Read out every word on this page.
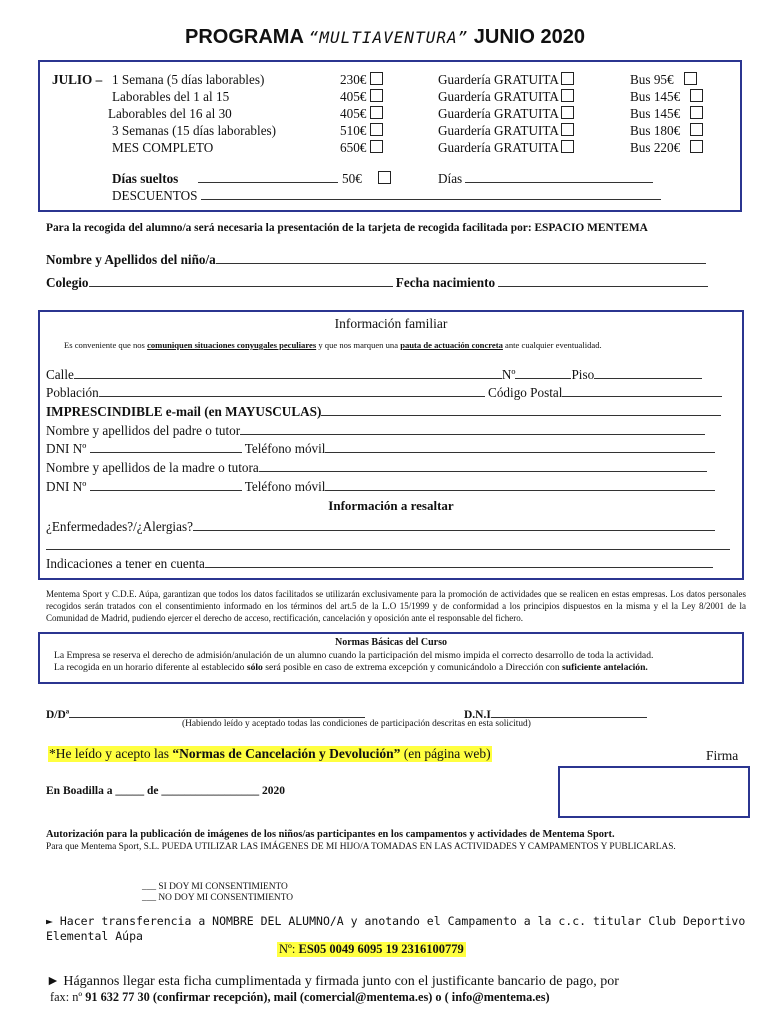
PROGRAMA “MULTIAVENTURA” JUNIO 2020
JULIO – 1 Semana (5 días laborables)	230€	Guardería GRATUITA	Bus 95€
Laborables del 1 al 15	405€	Guardería GRATUITA	Bus 145€
Laborables del 16 al 30	405€	Guardería GRATUITA	Bus 145€
3 Semanas (15 días laborables)	510€	Guardería GRATUITA	Bus 180€
MES COMPLETO	650€	Guardería GRATUITA	Bus 220€
Días sueltos	50€	Días
DESCUENTOS
Para la recogida del alumno/a será necesaria la presentación de la tarjeta de recogida facilitada por: ESPACIO MENTEMA
Nombre y Apellidos del niño/a
Colegio	Fecha nacimiento
Información familiar
Es conveniente que nos comuniquen situaciones conyugales peculiares y que nos marquen una pauta de actuación concreta ante cualquier eventualidad.
Calle	Nº	Piso
Población	Código Postal
IMPRESCINDIBLE e-mail (en MAYUSCULAS)
Nombre y apellidos del padre o tutor
DNI Nº	Teléfono móvil
Nombre y apellidos de la madre o tutora
DNI Nº	Teléfono móvil
Información a resaltar
¿Enfermedades?/¿Alergias?
Indicaciones a tener en cuenta
Mentema Sport y C.D.E. Aúpa, garantizan que todos los datos facilitados se utilizarán exclusivamente para la promoción de actividades que se realicen en estas empresas. Los datos personales recogidos serán tratados con el consentimiento informado en los términos del art.5 de la L.O 15/1999 y de conformidad a los principios dispuestos en la misma y el la Ley 8/2001 de la Comunidad de Madrid, pudiendo ejercer el derecho de acceso, rectificación, cancelación y oposición ante el responsable del fichero.
Normas Básicas del Curso
La Empresa se reserva el derecho de admisión/anulación de un alumno cuando la participación del mismo impida el correcto desarrollo de toda la actividad.
La recogida en un horario diferente al establecido sólo será posible en caso de extrema excepción y comunicándolo a Dirección con suficiente antelación.
D/Dª	D.N.I
(Habiendo leído y aceptado todas las condiciones de participación descritas en esta solicitud)
*He leído y acepto las “Normas de Cancelación y Devolución” (en página web)	Firma
En Boadilla a _____ de _________________ 2020
Autorización para la publicación de imágenes de los niños/as participantes en los campamentos y actividades de Mentema Sport.
Para que Mentema Sport, S.L. PUEDA UTILIZAR LAS IMÁGENES DE MI HIJO/A TOMADAS EN LAS ACTIVIDADES Y CAMPAMENTOS Y PUBLICARLAS.
___ SI DOY MI CONSENTIMIENTO
___ NO DOY MI CONSENTIMIENTO
► Hacer transferencia a NOMBRE DEL ALUMNO/A y anotando el Campamento a la c.c. titular Club Deportivo Elemental Aúpa
Nº: ES05 0049 6095 19 2316100779
► Hágannos llegar esta ficha cumplimentada y firmada junto con el justificante bancario de pago, por
fax: nº 91 632 77 30 (confirmar recepción), mail (comercial@mentema.es) o ( info@mentema.es)
